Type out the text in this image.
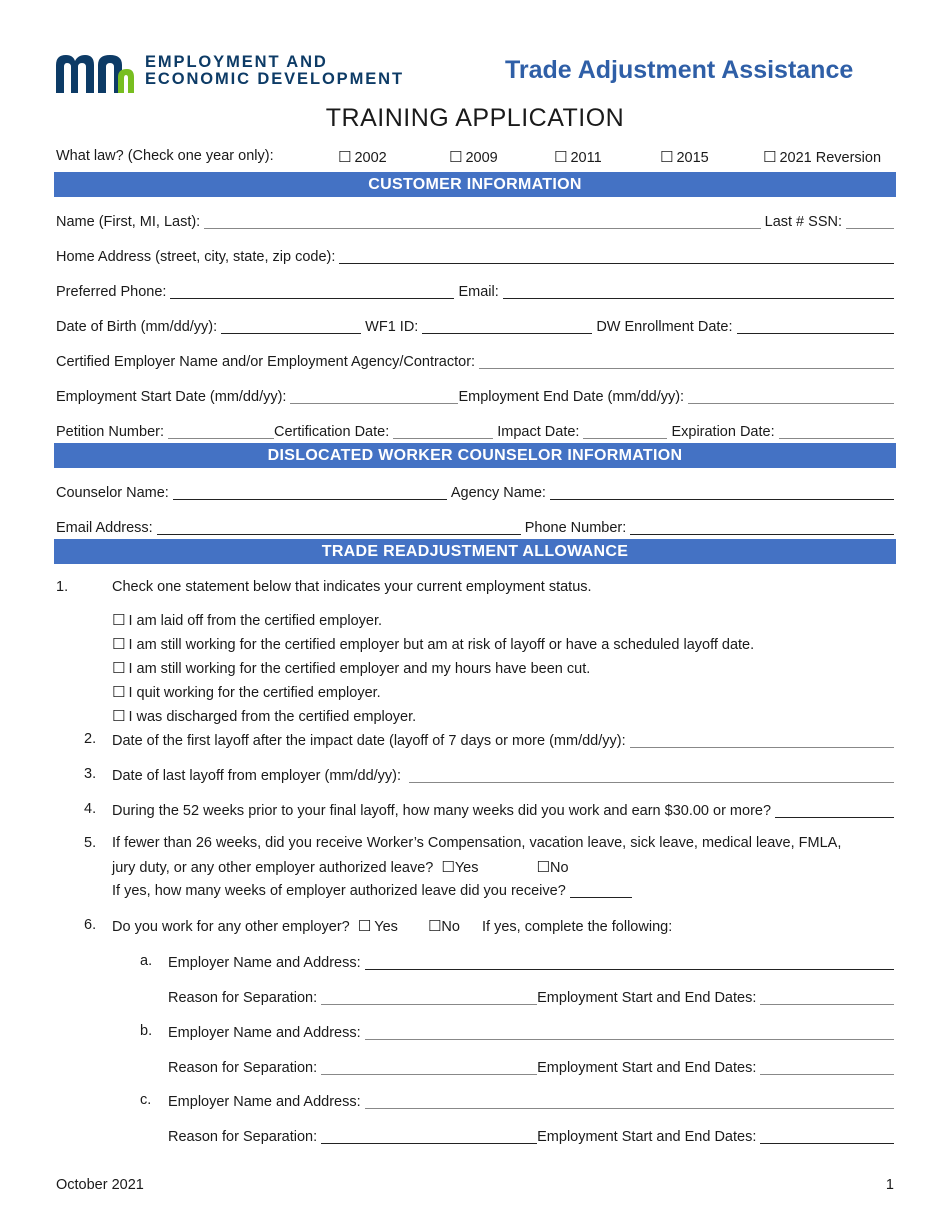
EMPLOYMENT AND
ECONOMIC DEVELOPMENT	Trade Adjustment Assistance
TRAINING APPLICATION
What law? (Check one year only):	☐ 2002	☐ 2009	☐ 2011	☐ 2015	☐ 2021 Reversion
CUSTOMER INFORMATION
Name (First, MI, Last):	Last # SSN:
Home Address (street, city, state, zip code):
Preferred Phone:	Email:
Date of Birth (mm/dd/yy):	WF1 ID:	DW Enrollment Date:
Certified Employer Name and/or Employment Agency/Contractor:
Employment Start Date (mm/dd/yy):	Employment End Date (mm/dd/yy):
Petition Number:	Certification Date:	Impact Date:	Expiration Date:
DISLOCATED WORKER COUNSELOR INFORMATION
Counselor Name:	Agency Name:
Email Address:	Phone Number:
TRADE READJUSTMENT ALLOWANCE
1.	Check one statement below that indicates your current employment status.
☐ I am laid off from the certified employer.
☐ I am still working for the certified employer but am at risk of layoff or have a scheduled layoff date.
☐ I am still working for the certified employer and my hours have been cut.
☐ I quit working for the certified employer.
☐ I was discharged from the certified employer.
2. Date of the first layoff after the impact date (layoff of 7 days or more (mm/dd/yy):
3. Date of last layoff from employer (mm/dd/yy):
4. During the 52 weeks prior to your final layoff, how many weeks did you work and earn $30.00 or more?
5. If fewer than 26 weeks, did you receive Worker’s Compensation, vacation leave, sick leave, medical leave, FMLA,
jury duty, or any other employer authorized leave? ☐Yes	☐No
If yes, how many weeks of employer authorized leave did you receive?
6. Do you work for any other employer? ☐ Yes ☐No If yes, complete the following:
a. Employer Name and Address:
Reason for Separation:	Employment Start and End Dates:
b. Employer Name and Address:
Reason for Separation:	Employment Start and End Dates:
c. Employer Name and Address:
Reason for Separation:	Employment Start and End Dates:
October 2021	1
